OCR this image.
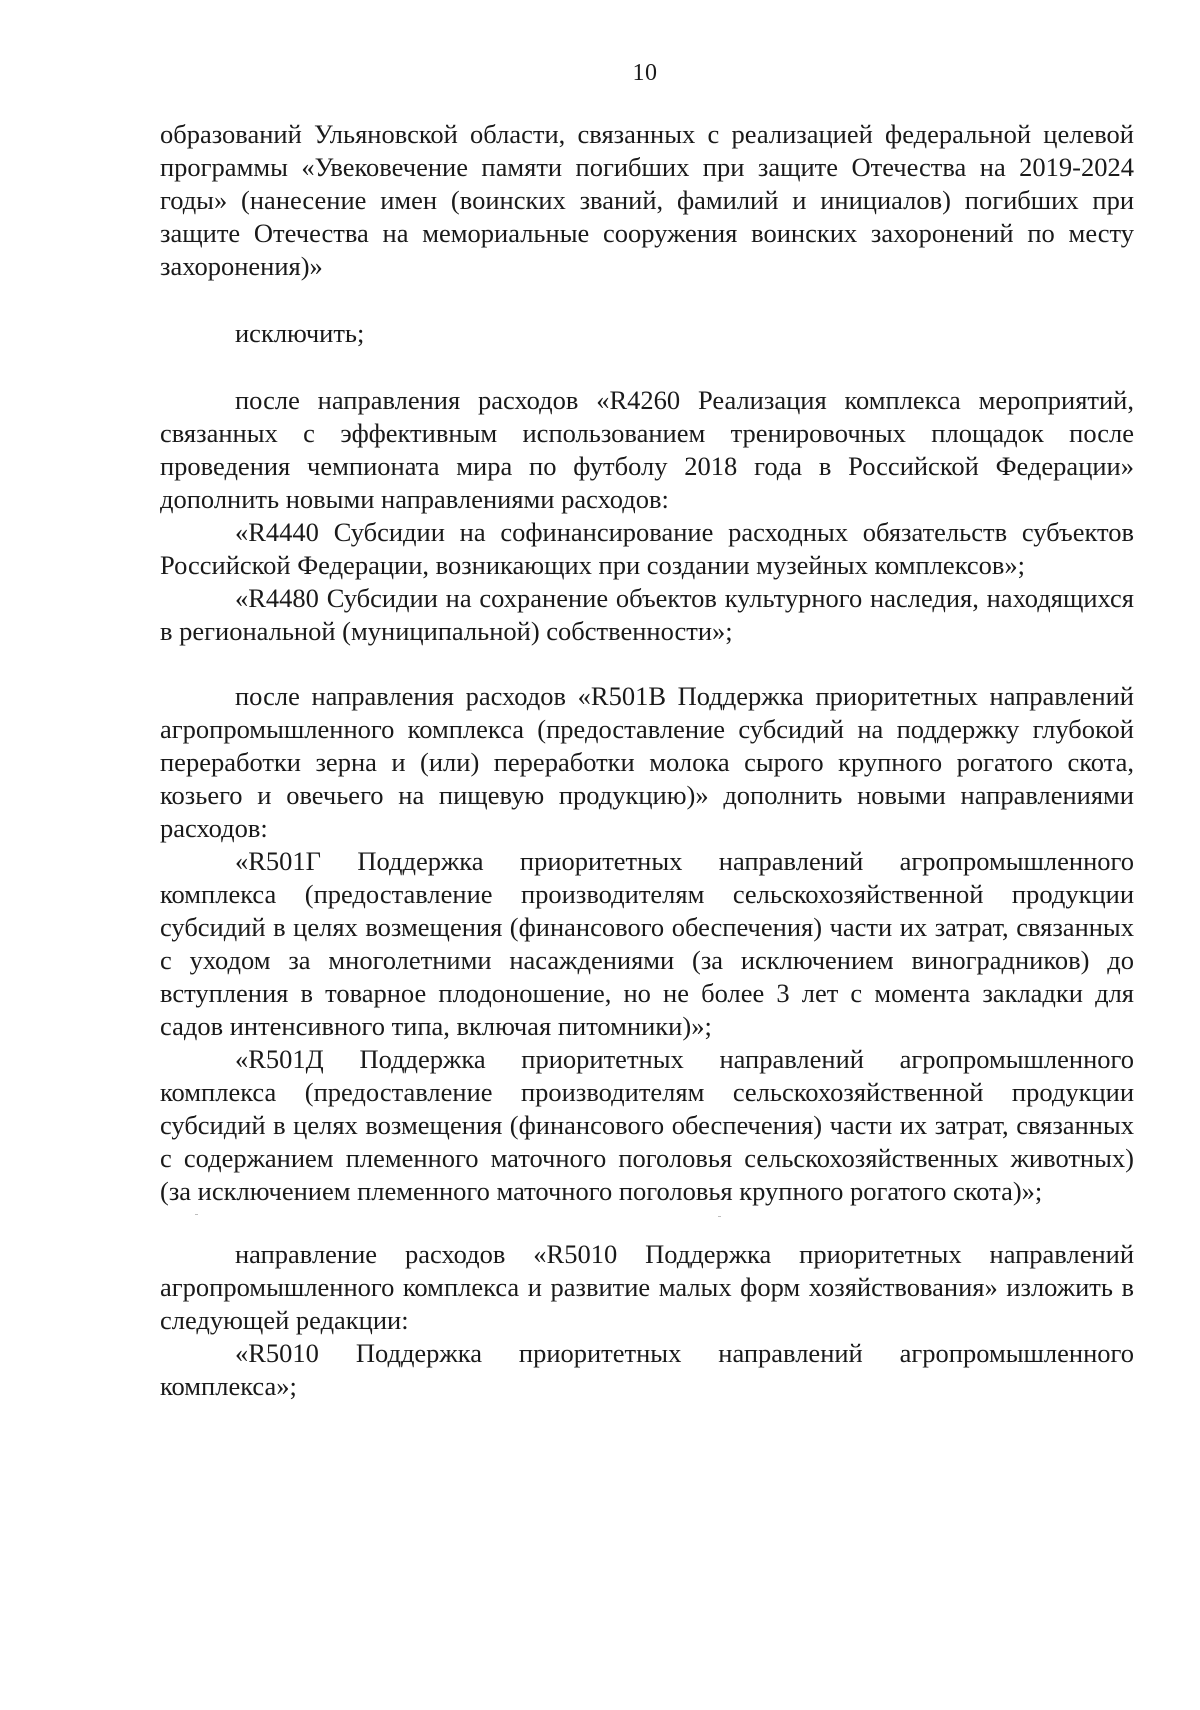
10

образований Ульяновской области, связанных с реализацией федеральной целевой программы «Увековечение памяти погибших при защите Отечества на 2019-2024 годы» (нанесение имен (воинских званий, фамилий и инициалов) погибших при защите Отечества на мемориальные сооружения воинских захоронений по месту захоронения)»

исключить;

после направления расходов «R4260 Реализация комплекса мероприятий, связанных с эффективным использованием тренировочных площадок после проведения чемпионата мира по футболу 2018 года в Российской Федерации» дополнить новыми направлениями расходов:

«R4440 Субсидии на софинансирование расходных обязательств субъектов Российской Федерации, возникающих при создании музейных комплексов»;

«R4480 Субсидии на сохранение объектов культурного наследия, находящихся в региональной (муниципальной) собственности»;

после направления расходов «R501В Поддержка приоритетных направлений агропромышленного комплекса (предоставление субсидий на поддержку глубокой переработки зерна и (или) переработки молока сырого крупного рогатого скота, козьего и овечьего на пищевую продукцию)» дополнить новыми направлениями расходов:

«R501Г Поддержка приоритетных направлений агропромышленного комплекса (предоставление производителям сельскохозяйственной продукции субсидий в целях возмещения (финансового обеспечения) части их затрат, связанных с уходом за многолетними насаждениями (за исключением виноградников) до вступления в товарное плодоношение, но не более 3 лет с момента закладки для садов интенсивного типа, включая питомники)»;

«R501Д Поддержка приоритетных направлений агропромышленного комплекса (предоставление производителям сельскохозяйственной продукции субсидий в целях возмещения (финансового обеспечения) части их затрат, связанных с содержанием племенного маточного поголовья сельскохозяйственных животных) (за исключением племенного маточного поголовья крупного рогатого скота)»;

направление расходов «R5010 Поддержка приоритетных направлений агропромышленного комплекса и развитие малых форм хозяйствования» изложить в следующей редакции:

«R5010 Поддержка приоритетных направлений агропромышленного комплекса»;
